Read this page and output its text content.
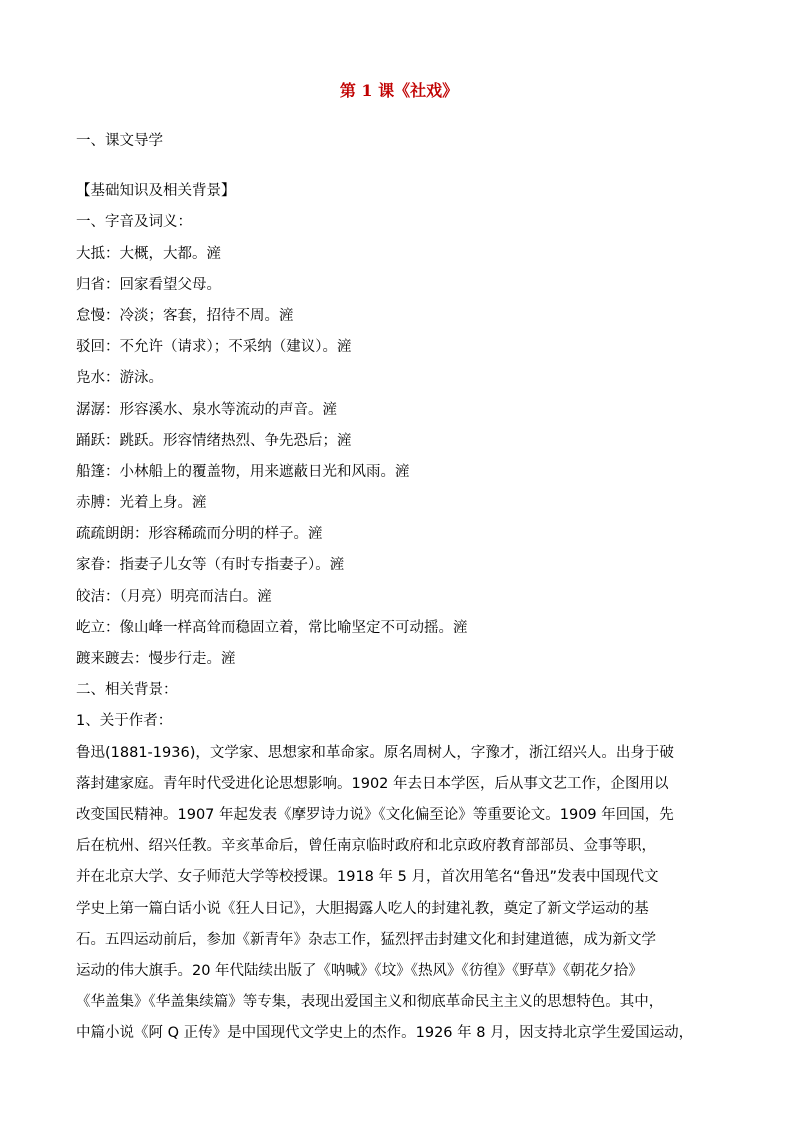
第 1 课《社戏》
一、课文导学
【基础知识及相关背景】
一、字音及词义：
大抵：大概，大都。滻
归省：回家看望父母。
怠慢：冷淡；客套，招待不周。滻
驳回：不允许（请求）；不采纳（建议）。滻
凫水：游泳。
潺潺：形容溪水、泉水等流动的声音。滻
踊跃：跳跃。形容情绪热烈、争先恐后；滻
船篷：小林船上的覆盖物，用来遮蔽日光和风雨。滻
赤膊：光着上身。滻
疏疏朗朗：形容稀疏而分明的样子。滻
家眷：指妻子儿女等（有时专指妻子）。滻
皎洁：（月亮）明亮而洁白。滻
屹立：像山峰一样高耸而稳固立着，常比喻坚定不可动摇。滻
踱来踱去：慢步行走。滻
二、相关背景：
1、关于作者：
鲁迅(1881-1936)，文学家、思想家和革命家。原名周树人，字豫才，浙江绍兴人。出身于破
落封建家庭。青年时代受进化论思想影响。1902 年去日本学医，后从事文艺工作，企图用以
改变国民精神。1907 年起发表《摩罗诗力说》《文化偏至论》等重要论文。1909 年回国，先
后在杭州、绍兴任教。辛亥革命后，曾任南京临时政府和北京政府教育部部员、佥事等职，
并在北京大学、女子师范大学等校授课。1918 年 5 月，首次用笔名“鲁迅”发表中国现代文
学史上第一篇白话小说《狂人日记》，大胆揭露人吃人的封建礼教，奠定了新文学运动的基
石。五四运动前后，参加《新青年》杂志工作，猛烈抨击封建文化和封建道德，成为新文学
运动的伟大旗手。20 年代陆续出版了《呐喊》《坟》《热风》《彷徨》《野草》《朝花夕拾》
《华盖集》《华盖集续篇》等专集，表现出爱国主义和彻底革命民主主义的思想特色。其中，
中篇小说《阿 Q 正传》是中国现代文学史上的杰作。1926 年 8 月，因支持北京学生爱国运动，
